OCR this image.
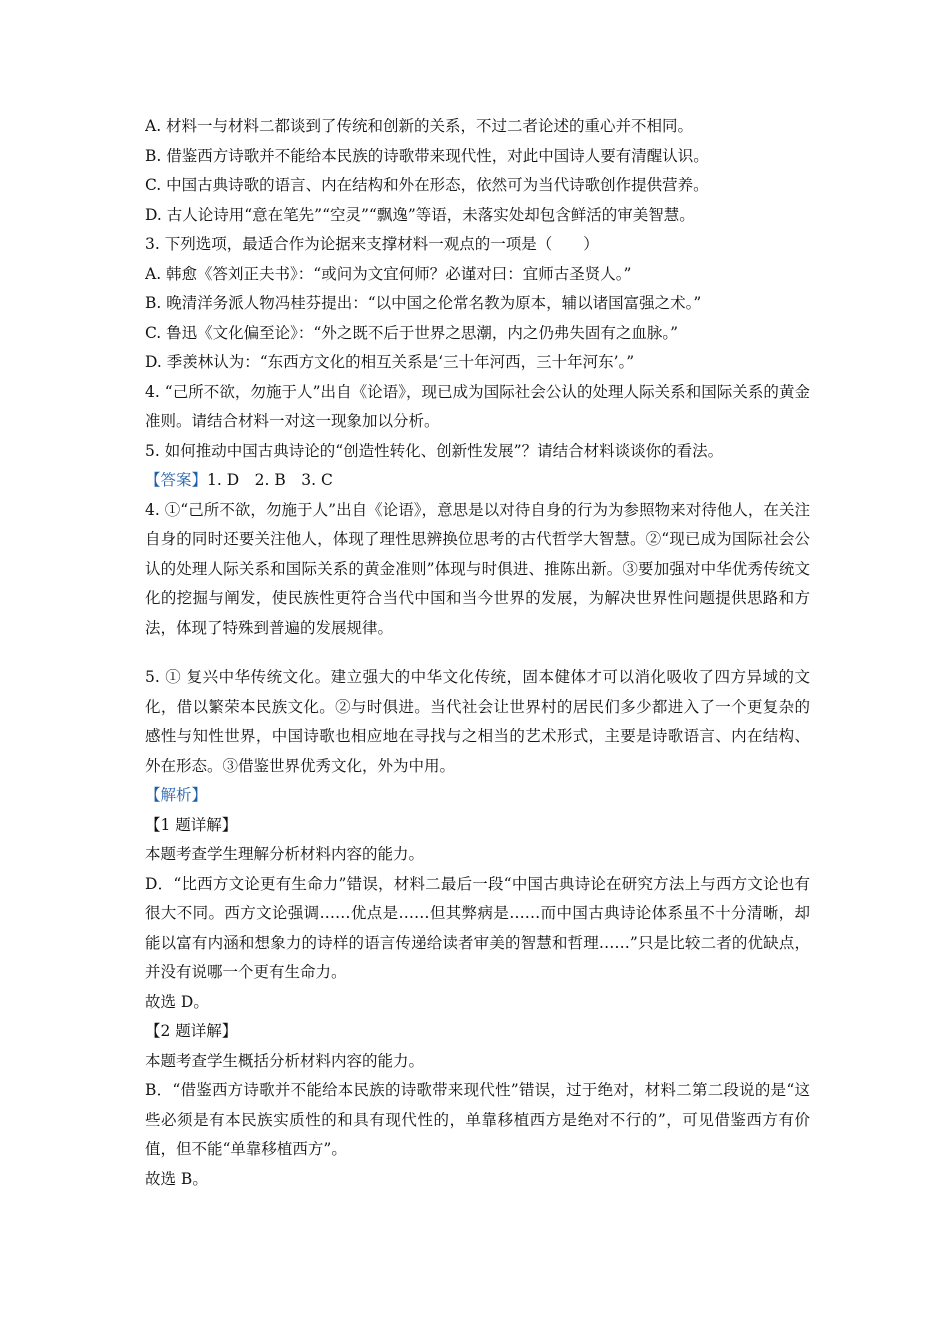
A. 材料一与材料二都谈到了传统和创新的关系，不过二者论述的重心并不相同。
B. 借鉴西方诗歌并不能给本民族的诗歌带来现代性，对此中国诗人要有清醒认识。
C. 中国古典诗歌的语言、内在结构和外在形态，依然可为当代诗歌创作提供营养。
D. 古人论诗用“意在笔先”“空灵”“飘逸”等语，未落实处却包含鲜活的审美智慧。
3. 下列选项，最适合作为论据来支撑材料一观点的一项是（　　）
A. 韩愈《答刘正夫书》：“或问为文宜何师？必谨对曰：宜师古圣贤人。”
B. 晚清洋务派人物冯桂芬提出：“以中国之伦常名教为原本，辅以诸国富强之术。”
C. 鲁迅《文化偏至论》：“外之既不后于世界之思潮，内之仍弗失固有之血脉。”
D. 季羡林认为：“东西方文化的相互关系是‘三十年河西，三十年河东’。”
4. “己所不欲，勿施于人”出自《论语》，现已成为国际社会公认的处理人际关系和国际关系的黄金准则。请结合材料一对这一现象加以分析。
5. 如何推动中国古典诗论的“创造性转化、创新性发展”？请结合材料谈谈你的看法。
【答案】1. D　2. B　3. C
4. ①“己所不欲，勿施于人”出自《论语》，意思是以对待自身的行为为参照物来对待他人，在关注自身的同时还要关注他人，体现了理性思辨换位思考的古代哲学大智慧。②“现已成为国际社会公认的处理人际关系和国际关系的黄金准则”体现与时俱进、推陈出新。③要加强对中华优秀传统文化的挖掘与阐发，使民族性更符合当代中国和当今世界的发展，为解决世界性问题提供思路和方法，体现了特殊到普遍的发展规律。
5. ① 复兴中华传统文化。建立强大的中华文化传统，固本健体才可以消化吸收了四方异域的文化，借以繁荣本民族文化。②与时俱进。当代社会让世界村的居民们多少都进入了一个更复杂的感性与知性世界，中国诗歌也相应地在寻找与之相当的艺术形式，主要是诗歌语言、内在结构、外在形态。③借鉴世界优秀文化，外为中用。
【解析】
【1 题详解】
本题考查学生理解分析材料内容的能力。
D．“比西方文论更有生命力”错误，材料二最后一段“中国古典诗论在研究方法上与西方文论也有很大不同。西方文论强调……优点是……但其弊病是……而中国古典诗论体系虽不十分清晰，却能以富有内涵和想象力的诗样的语言传递给读者审美的智慧和哲理……”只是比较二者的优缺点，并没有说哪一个更有生命力。
故选 D。
【2 题详解】
本题考查学生概括分析材料内容的能力。
B．“借鉴西方诗歌并不能给本民族的诗歌带来现代性”错误，过于绝对，材料二第二段说的是“这些必须是有本民族实质性的和具有现代性的，单靠移植西方是绝对不行的”，可见借鉴西方有价值，但不能“单靠移植西方”。
故选 B。
